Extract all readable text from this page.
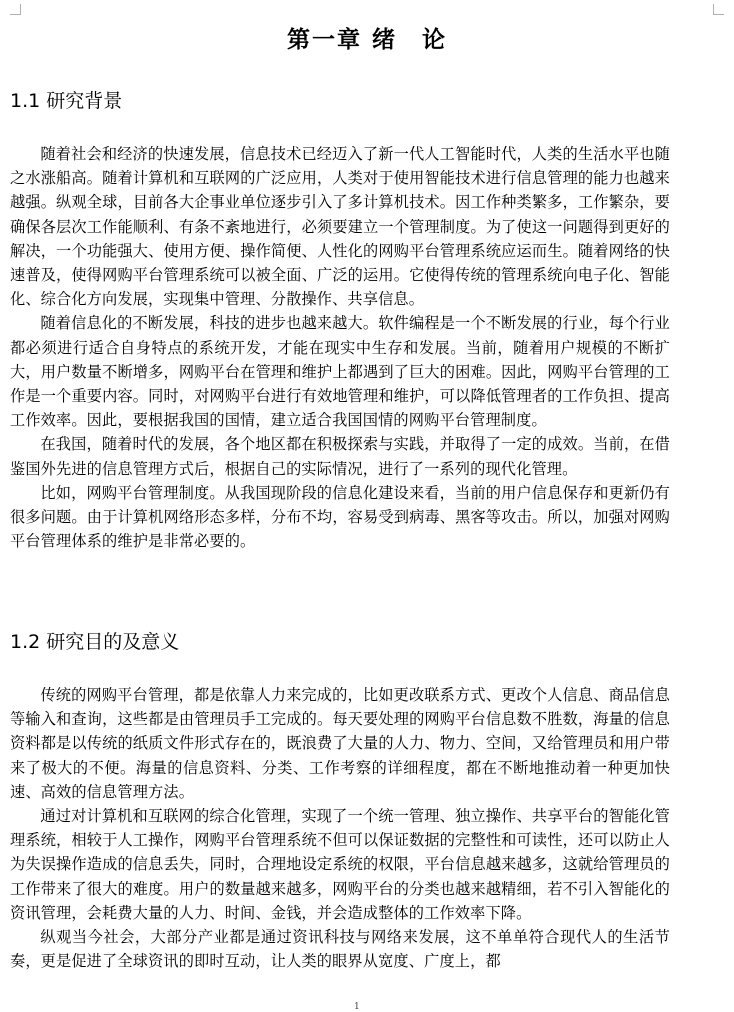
第一章 绪　论
1.1 研究背景

随着社会和经济的快速发展，信息技术已经迈入了新一代人工智能时代，人类的生活水平也随之水涨船高。随着计算机和互联网的广泛应用，人类对于使用智能技术进行信息管理的能力也越来越强。纵观全球，目前各大企事业单位逐步引入了多计算机技术。因工作种类繁多，工作繁杂，要确保各层次工作能顺利、有条不紊地进行，必须要建立一个管理制度。为了使这一问题得到更好的解决，一个功能强大、使用方便、操作简便、人性化的网购平台管理系统应运而生。随着网络的快速普及，使得网购平台管理系统可以被全面、广泛的运用。它使得传统的管理系统向电子化、智能化、综合化方向发展，实现集中管理、分散操作、共享信息。

随着信息化的不断发展，科技的进步也越来越大。软件编程是一个不断发展的行业，每个行业都必须进行适合自身特点的系统开发，才能在现实中生存和发展。当前，随着用户规模的不断扩大，用户数量不断增多，网购平台在管理和维护上都遇到了巨大的困难。因此，网购平台管理的工作是一个重要内容。同时，对网购平台进行有效地管理和维护，可以降低管理者的工作负担、提高工作效率。因此，要根据我国的国情，建立适合我国国情的网购平台管理制度。

在我国，随着时代的发展，各个地区都在积极探索与实践，并取得了一定的成效。当前，在借鉴国外先进的信息管理方式后，根据自己的实际情况，进行了一系列的现代化管理。

比如，网购平台管理制度。从我国现阶段的信息化建设来看，当前的用户信息保存和更新仍有很多问题。由于计算机网络形态多样，分布不均，容易受到病毒、黑客等攻击。所以，加强对网购平台管理体系的维护是非常必要的。

1.2 研究目的及意义

传统的网购平台管理，都是依靠人力来完成的，比如更改联系方式、更改个人信息、商品信息等输入和查询，这些都是由管理员手工完成的。每天要处理的网购平台信息数不胜数，海量的信息资料都是以传统的纸质文件形式存在的，既浪费了大量的人力、物力、空间，又给管理员和用户带来了极大的不便。海量的信息资料、分类、工作考察的详细程度，都在不断地推动着一种更加快速、高效的信息管理方法。

通过对计算机和互联网的综合化管理，实现了一个统一管理、独立操作、共享平台的智能化管理系统，相较于人工操作，网购平台管理系统不但可以保证数据的完整性和可读性，还可以防止人为失误操作造成的信息丢失，同时，合理地设定系统的权限，平台信息越来越多，这就给管理员的工作带来了很大的难度。用户的数量越来越多，网购平台的分类也越来越精细，若不引入智能化的资讯管理，会耗费大量的人力、时间、金钱，并会造成整体的工作效率下降。

纵观当今社会，大部分产业都是通过资讯科技与网络来发展，这不单单符合现代人的生活节奏，更是促进了全球资讯的即时互动，让人类的眼界从宽度、广度上，都

1
